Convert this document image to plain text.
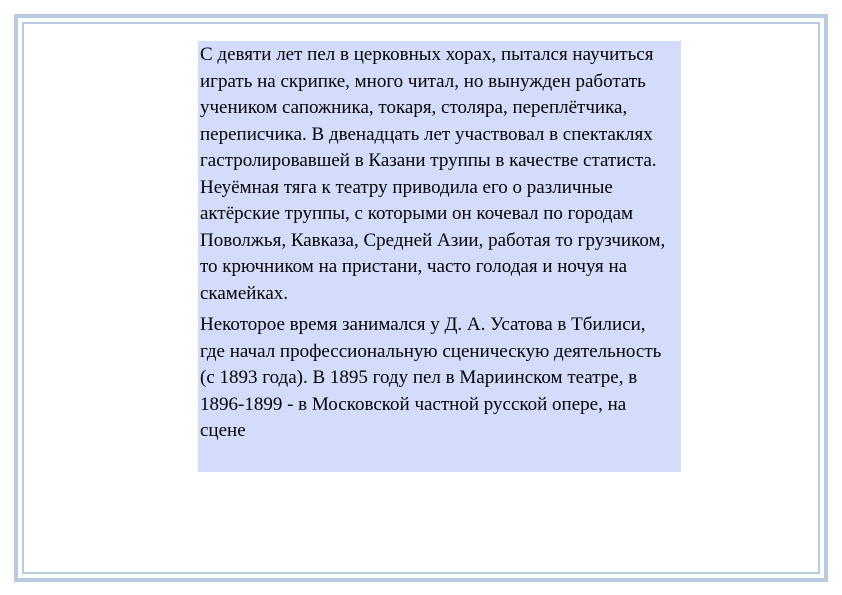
С девяти лет пел в церковных хорах, пытался научиться играть на скрипке, много читал, но вынужден работать учеником сапожника, токаря, столяра, переплётчика, переписчика. В двенадцать лет участвовал в спектаклях гастролировавшей в Казани труппы в качестве статиста. Неуёмная тяга к театру приводила его о различные актёрские труппы, с которыми он кочевал по городам Поволжья, Кавказа, Средней Азии, работая то грузчиком, то крючником на пристани, часто голодая и ночуя на скамейках.

Некоторое время занимался у Д. А. Усатова в Тбилиси, где начал профессиональную сценическую деятельность (с 1893 года). В 1895 году пел в Мариинском театре, в 1896-1899 - в Московской частной русской опере, на сцене
